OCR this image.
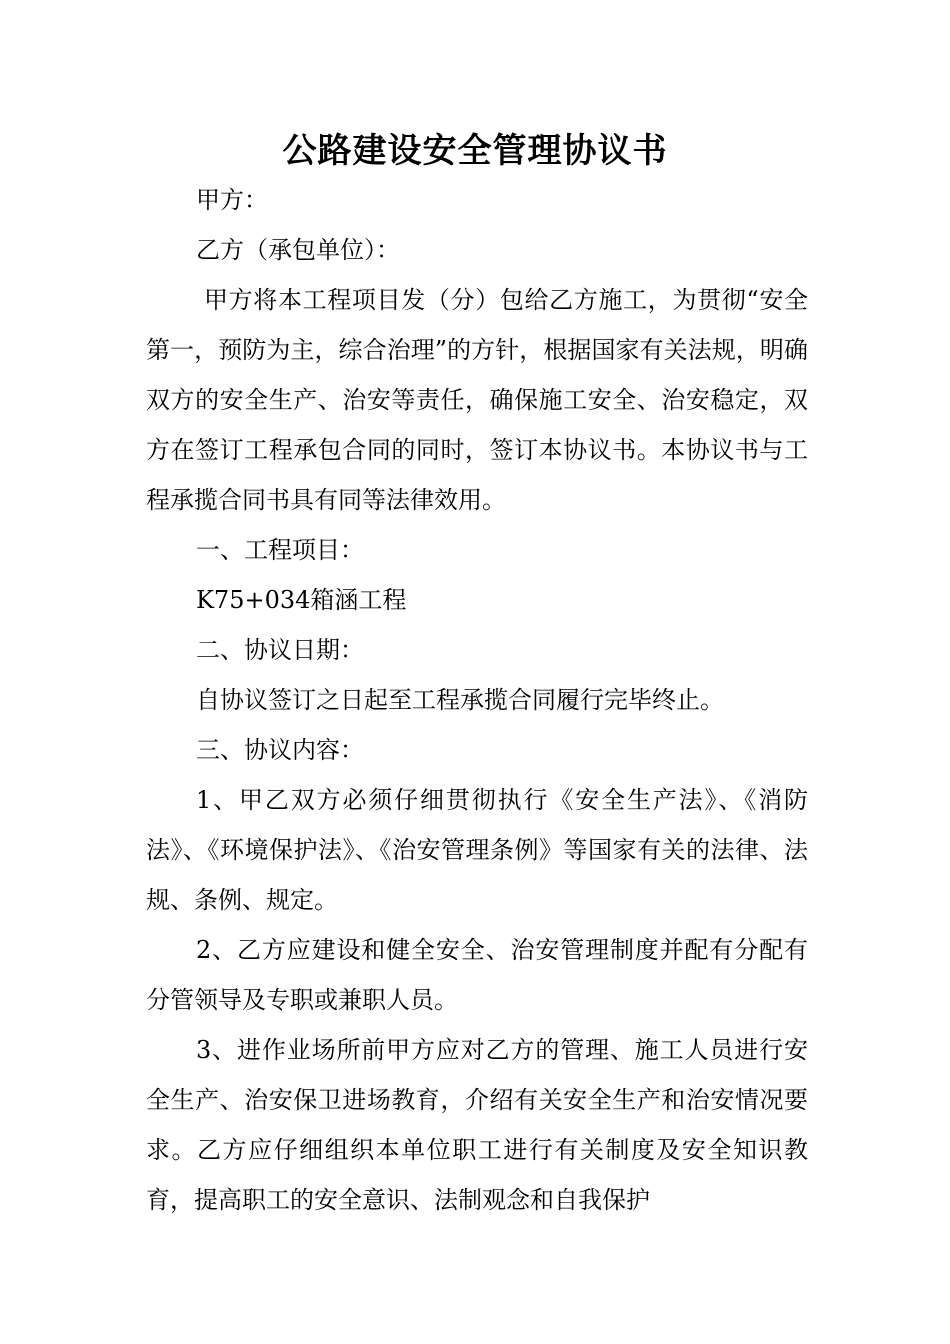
公路建设安全管理协议书

甲方：

乙方（承包单位）：

甲方将本工程项目发（分）包给乙方施工，为贯彻“安全第一，预防为主，综合治理”的方针，根据国家有关法规，明确双方的安全生产、治安等责任，确保施工安全、治安稳定，双方在签订工程承包合同的同时，签订本协议书。本协议书与工程承揽合同书具有同等法律效用。

一、工程项目：

K75+034箱涵工程

二、协议日期：

自协议签订之日起至工程承揽合同履行完毕终止。

三、协议内容：

1、甲乙双方必须仔细贯彻执行《安全生产法》、《消防法》、《环境保护法》、《治安管理条例》等国家有关的法律、法规、条例、规定。

2、乙方应建设和健全安全、治安管理制度并配有分配有分管领导及专职或兼职人员。

3、进作业场所前甲方应对乙方的管理、施工人员进行安全生产、治安保卫进场教育，介绍有关安全生产和治安情况要求。乙方应仔细组织本单位职工进行有关制度及安全知识教育，提高职工的安全意识、法制观念和自我保护
